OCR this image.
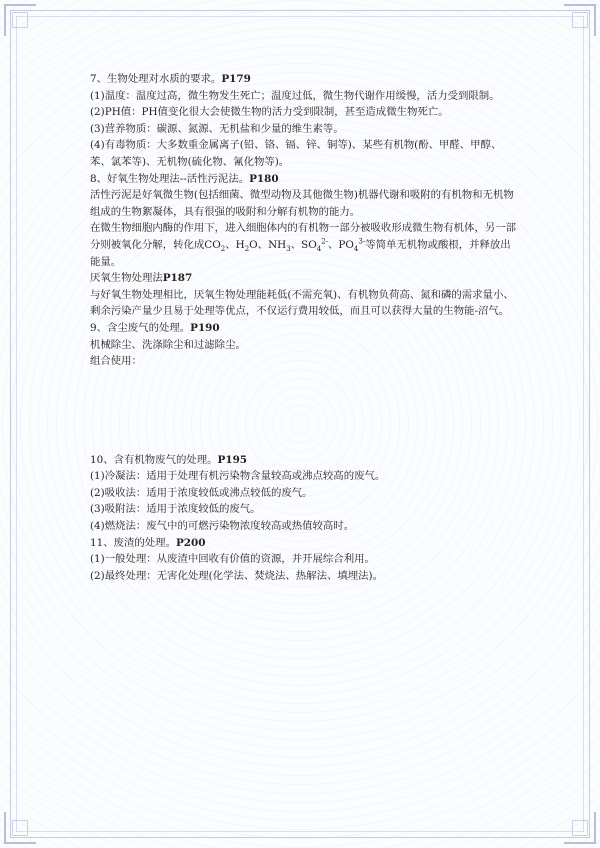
7、生物处理对水质的要求。P179

(1)温度：温度过高，微生物发生死亡；温度过低，微生物代谢作用缓慢，活力受到限制。

(2)PH值：PH值变化很大会使微生物的活力受到限制，甚至造成微生物死亡。

(3)营养物质：碳源、氮源、无机盐和少量的维生素等。

(4)有毒物质：大多数重金属离子(铅、铬、镉、锌、铜等)、某些有机物(酚、甲醛、甲醇、

苯、氯苯等)、无机物(硫化物、氰化物等)。

8、好氧生物处理法--活性污泥法。P180

活性污泥是好氧微生物(包括细菌、微型动物及其他微生物)机器代谢和吸附的有机物和无机物组成的生物絮凝体，具有很强的吸附和分解有机物的能力。

在微生物细胞内酶的作用下，进入细胞体内的有机物一部分被吸收形成微生物有机体，另一部分则被氧化分解，转化成$CO_2$、$H_2O$、$NH_3$、$SO_4^{2-}$、$PO_4^{3-}$等简单无机物或酸根，并释放出能量。

厌氧生物处理法P187

与好氧生物处理相比，厌氧生物处理能耗低(不需充氧)、有机物负荷高、氮和磷的需求量小、剩余污染产量少且易于处理等优点，不仅运行费用较低，而且可以获得大量的生物能-沼气。

9、含尘废气的处理。P190

机械除尘、洗涤除尘和过滤除尘。

组合使用：

10、含有机物废气的处理。P195

(1)冷凝法：适用于处理有机污染物含量较高或沸点较高的废气。

(2)吸收法：适用于浓度较低或沸点较低的废气。

(3)吸附法：适用于浓度较低的废气。

(4)燃烧法：废气中的可燃污染物浓度较高或热值较高时。

11、废渣的处理。P200

(1)一般处理：从废渣中回收有价值的资源，并开展综合利用。

(2)最终处理：无害化处理(化学法、焚烧法、热解法、填埋法)。
